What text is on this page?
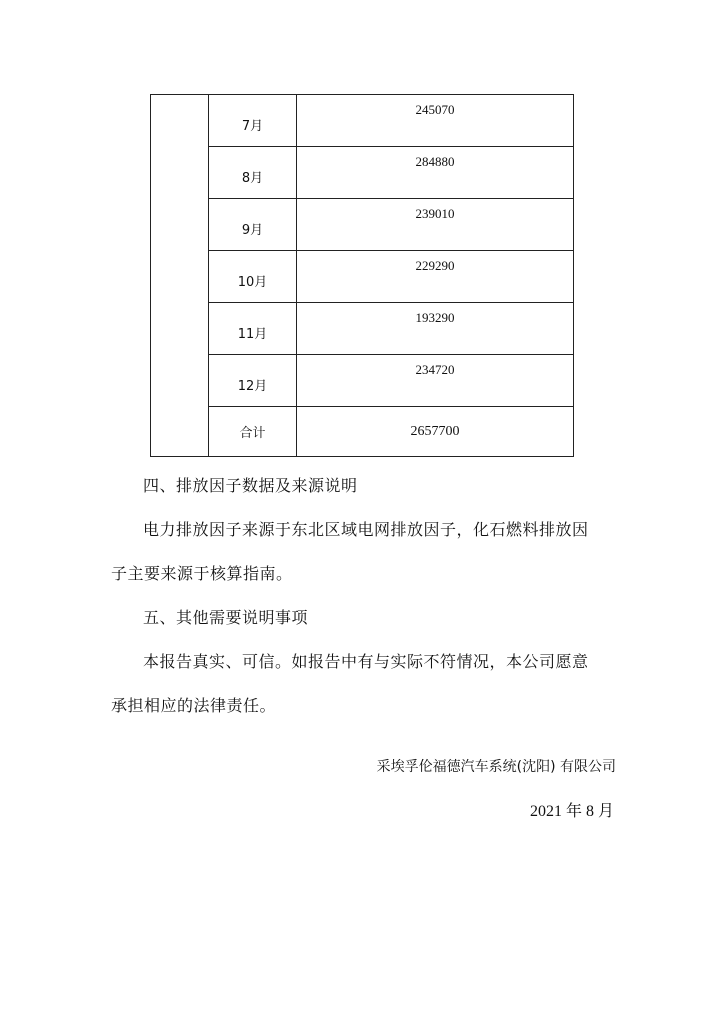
	7月	245070
	8月	284880
	9月	239010
	10月	229290
	11月	193290
	12月	234720
	合计	2657700

四、排放因子数据及来源说明

电力排放因子来源于东北区域电网排放因子，化石燃料排放因

子主要来源于核算指南。

五、其他需要说明事项

本报告真实、可信。如报告中有与实际不符情况，本公司愿意

承担相应的法律责任。

采埃孚伦福德汽车系统(沈阳) 有限公司

2021 年 8 月
